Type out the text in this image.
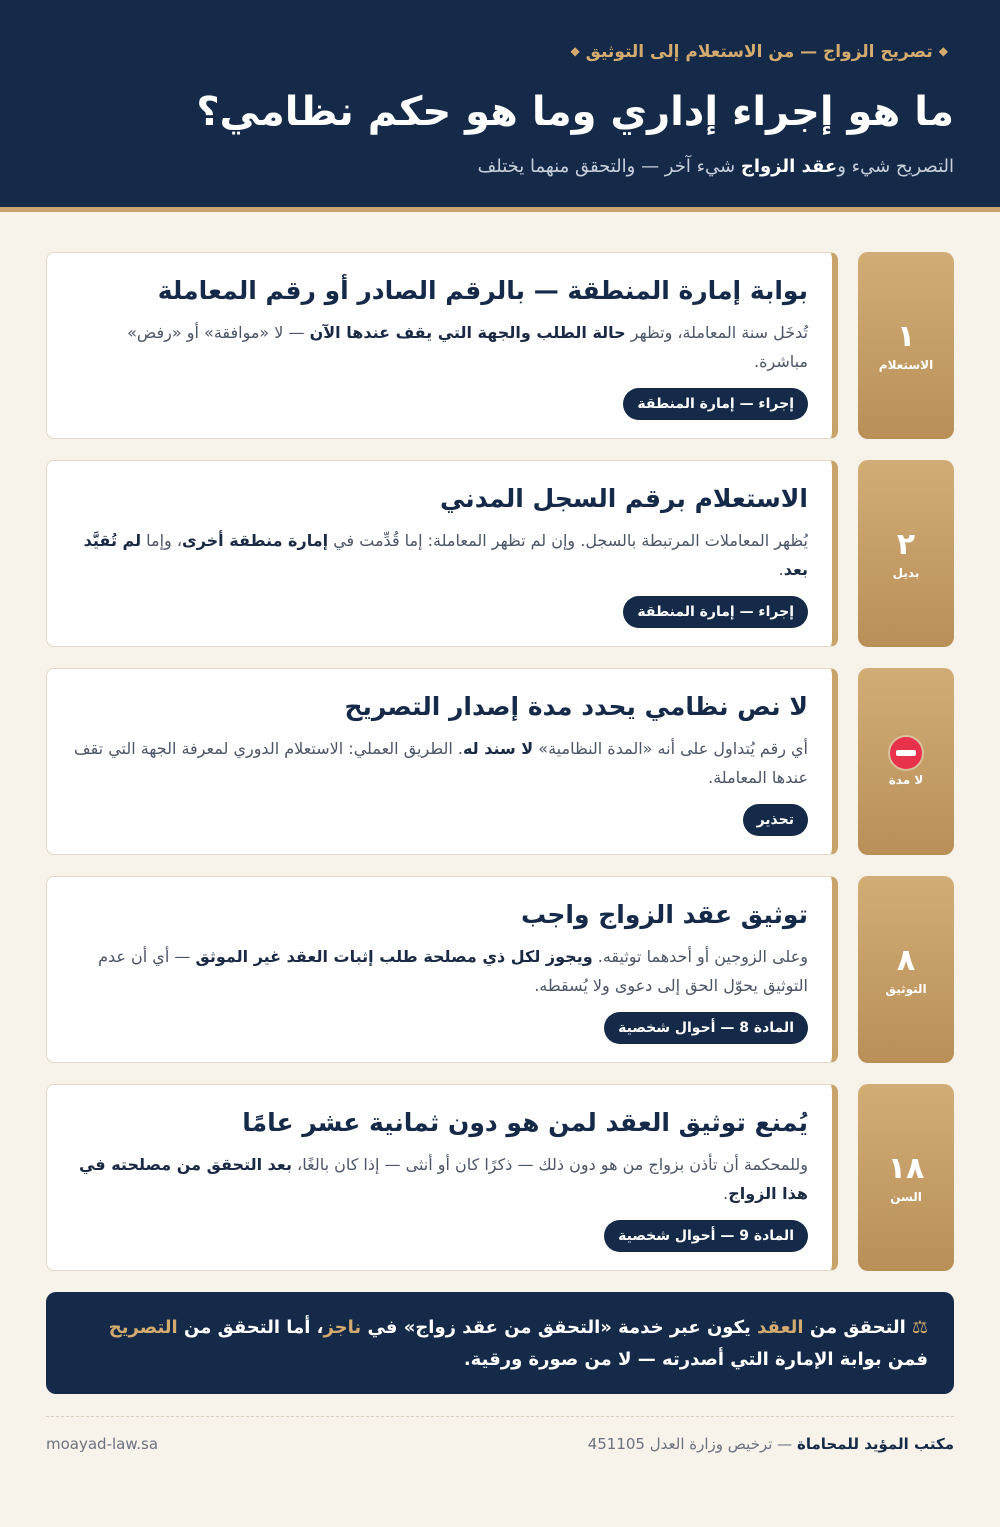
◆تصريح الزواج — من الاستعلام إلى التوثيق◆
ما هو إجراء إداري وما هو حكم نظامي؟
التصريح شيء وعقد الزواج شيء آخر — والتحقق منهما يختلف
١
الاستعلام
بوابة إمارة المنطقة — بالرقم الصادر أو رقم المعاملة

تُدخَل سنة المعاملة، وتظهر حالة الطلب والجهة التي يقف عندها الآن — لا «موافقة» أو «رفض» مباشرة.

إجراء — إمارة المنطقة
٢
بديل
الاستعلام برقم السجل المدني

يُظهر المعاملات المرتبطة بالسجل. وإن لم تظهر المعاملة: إما قُدِّمت في إمارة منطقة أخرى، وإما لم تُقيَّد بعد.

إجراء — إمارة المنطقة
لا مدة
لا نص نظامي يحدد مدة إصدار التصريح

أي رقم يُتداول على أنه «المدة النظامية» لا سند له. الطريق العملي: الاستعلام الدوري لمعرفة الجهة التي تقف عندها المعاملة.

تحذير
٨
التوثيق
توثيق عقد الزواج واجب

وعلى الزوجين أو أحدهما توثيقه. ويجوز لكل ذي مصلحة طلب إثبات العقد غير الموثق — أي أن عدم التوثيق يحوّل الحق إلى دعوى ولا يُسقطه.

المادة 8 — أحوال شخصية
١٨
السن
يُمنع توثيق العقد لمن هو دون ثمانية عشر عامًا

وللمحكمة أن تأذن بزواج من هو دون ذلك — ذكرًا كان أو أنثى — إذا كان بالغًا، بعد التحقق من مصلحته في هذا الزواج.

المادة 9 — أحوال شخصية
⚖التحقق من العقد يكون عبر خدمة «التحقق من عقد زواج» في ناجز، أما التحقق من التصريح فمن بوابة الإمارة التي أصدرته — لا من صورة ورقية.
مكتب المؤيد للمحاماة — ترخيص وزارة العدل 451105
moayad-law.sa
